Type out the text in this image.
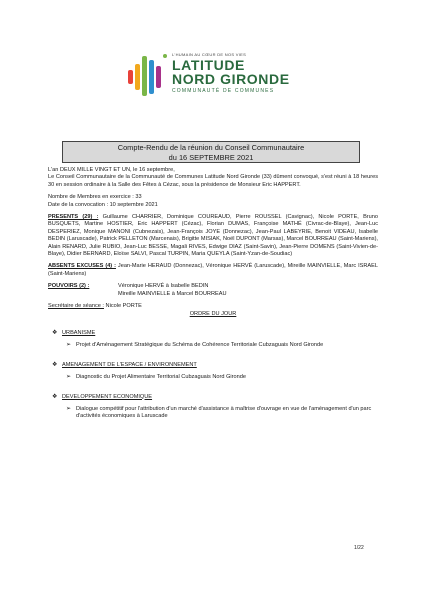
L'HUMAIN AU CŒUR DE NOS VIES
LATITUDE
NORD GIRONDE
COMMUNAUTÉ DE COMMUNES
Compte-Rendu de la réunion du Conseil Communautaire
du 16 SEPTEMBRE 2021

L'an DEUX MILLE VINGT ET UN, le 16 septembre,

Le Conseil Communautaire de la Communauté de Communes Latitude Nord Gironde (33) dûment convoqué, s'est réuni à 18 heures 30 en session ordinaire à la Salle des Fêtes à Cézac, sous la présidence de Monsieur Eric HAPPERT.

Nombre de Membres en exercice : 33

Date de la convocation : 10 septembre 2021

PRESENTS (29) : Guillaume CHARRIER, Dominique COUREAUD, Pierre ROUSSEL (Cavignac), Nicole PORTE, Bruno BUSQUETS, Martine HOSTIER, Eric HAPPERT (Cézac), Florian DUMAS, Françoise MATHÉ (Civrac-de-Blaye), Jean-Luc DESPERIEZ, Monique MANONI (Cubnezais), Jean-François JOYE (Donnezac), Jean-Paul LABEYRIE, Benoit VIDEAU, Isabelle BEDIN (Laruscade), Patrick PELLETON (Marcenais), Brigitte MISIAK, Noël DUPONT (Marsas), Marcel BOURREAU (Saint-Mariens), Alain RENARD, Julie RUBIO, Jean-Luc BESSE, Magali RIVES, Edwige DIAZ (Saint-Savin), Jean-Pierre DOMENS (Saint-Vivien-de-Blaye), Didier BERNARD, Eloïse SALVI, Pascal TURPIN, Maria QUEYLA (Saint-Yzan-de-Soudiac)

ABSENTS EXCUSES (4) : Jean-Marie HERAUD (Donnezac), Véronique HERVÉ (Laruscade), Mireille MAINVIELLE, Marc ISRAEL (Saint-Mariens)

POUVOIRS (2) :	Véronique HERVÉ à Isabelle BEDIN

Mireille MAINVIELLE à Marcel BOURREAU

Secrétaire de séance : Nicole PORTE

ORDRE DU JOUR

❖ URBANISME
➢ Projet d'Aménagement Stratégique du Schéma de Cohérence Territoriale Cubzaguais Nord Gironde
❖ AMENAGEMENT DE L'ESPACE / ENVIRONNEMENT
➢ Diagnostic du Projet Alimentaire Territorial Cubzaguais Nord Gironde
❖ DEVELOPPEMENT ECONOMIQUE
➢ Dialogue compétitif pour l'attribution d'un marché d'assistance à maîtrise d'ouvrage en vue de l'aménagement d'un parc d'activités économiques à Laruscade
1/22
